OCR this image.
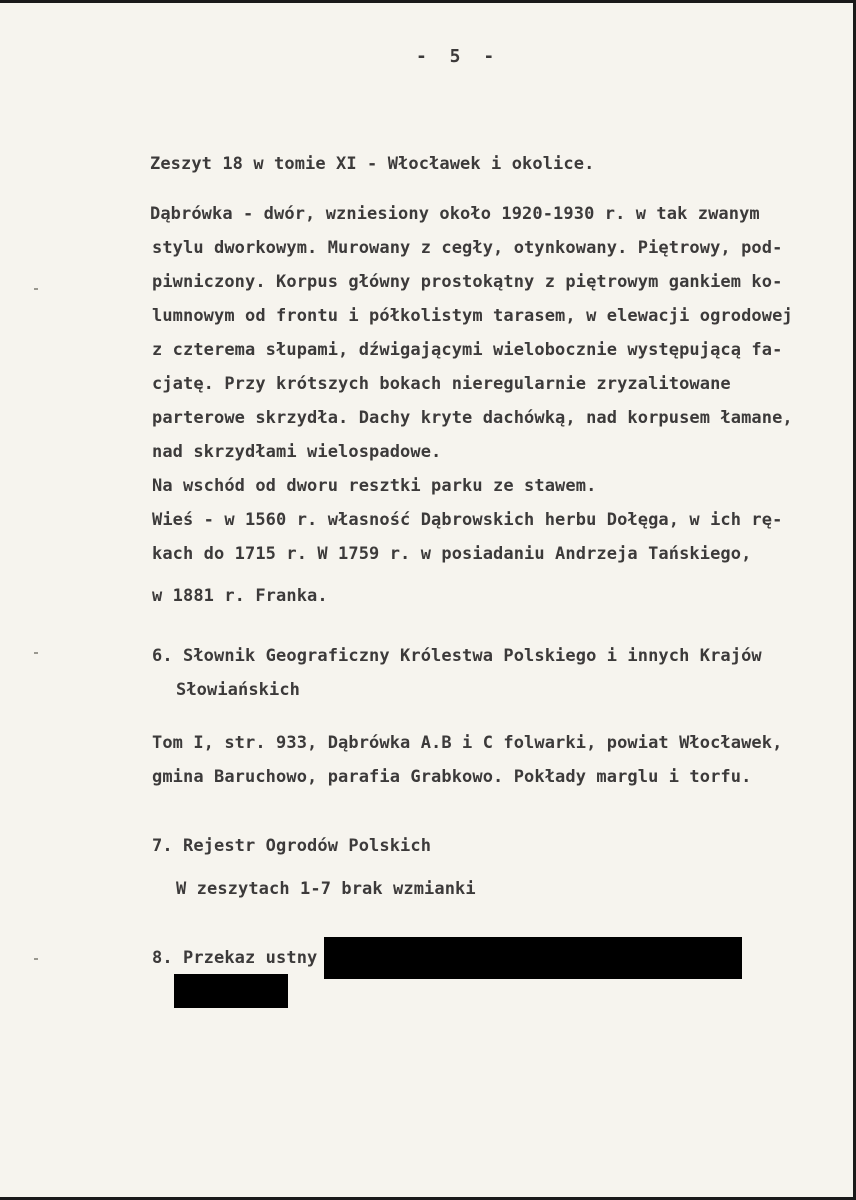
- 5 -
Zeszyt 18 w tomie XI - Włocławek i okolice.
Dąbrówka - dwór, wzniesiony około 1920-1930 r. w tak zwanym
stylu dworkowym. Murowany z cegły, otynkowany. Piętrowy, pod-
piwniczony. Korpus główny prostokątny z piętrowym gankiem ko-
lumnowym od frontu i półkolistym tarasem, w elewacji ogrodowej
z czterema słupami, dźwigającymi wielobocznie występującą fa-
cjatę. Przy krótszych bokach nieregularnie zryzalitowane
parterowe skrzydła. Dachy kryte dachówką, nad korpusem łamane,
nad skrzydłami wielospadowe.
Na wschód od dworu resztki parku ze stawem.
Wieś - w 1560 r. własność Dąbrowskich herbu Dołęga, w ich rę-
kach do 1715 r. W 1759 r. w posiadaniu Andrzeja Tańskiego,
w 1881 r. Franka.
6. Słownik Geograficzny Królestwa Polskiego i innych Krajów
Słowiańskich
Tom I, str. 933, Dąbrówka A.B i C folwarki, powiat Włocławek,
gmina Baruchowo, parafia Grabkowo. Pokłady marglu i torfu.
7. Rejestr Ogrodów Polskich
W zeszytach 1-7 brak wzmianki
8. Przekaz ustny
